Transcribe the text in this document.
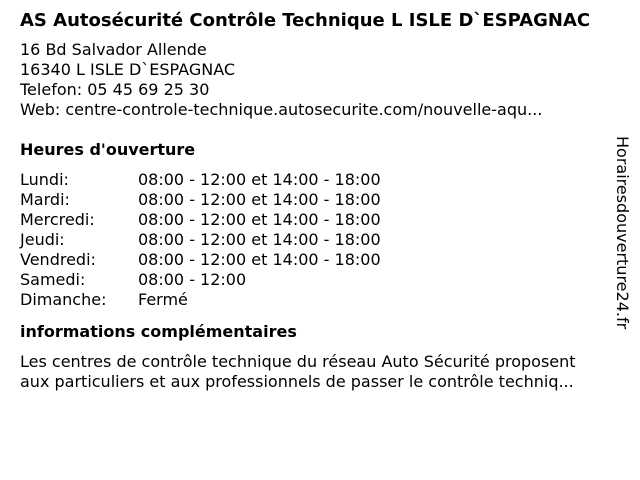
AS Autosécurité Contrôle Technique L ISLE D`ESPAGNAC
16 Bd Salvador Allende
16340 L ISLE D`ESPAGNAC
Telefon: 05 45 69 25 30
Web: centre-controle-technique.autosecurite.com/nouvelle-aqu...
Heures d'ouverture
Lundi:	08:00 - 12:00 et 14:00 - 18:00
Mardi:	08:00 - 12:00 et 14:00 - 18:00
Mercredi:	08:00 - 12:00 et 14:00 - 18:00
Jeudi:	08:00 - 12:00 et 14:00 - 18:00
Vendredi:	08:00 - 12:00 et 14:00 - 18:00
Samedi:	08:00 - 12:00
Dimanche:	Fermé
informations complémentaires
Les centres de contrôle technique du réseau Auto Sécurité proposent
aux particuliers et aux professionnels de passer le contrôle techniq...
Horairesdouverture24.fr
